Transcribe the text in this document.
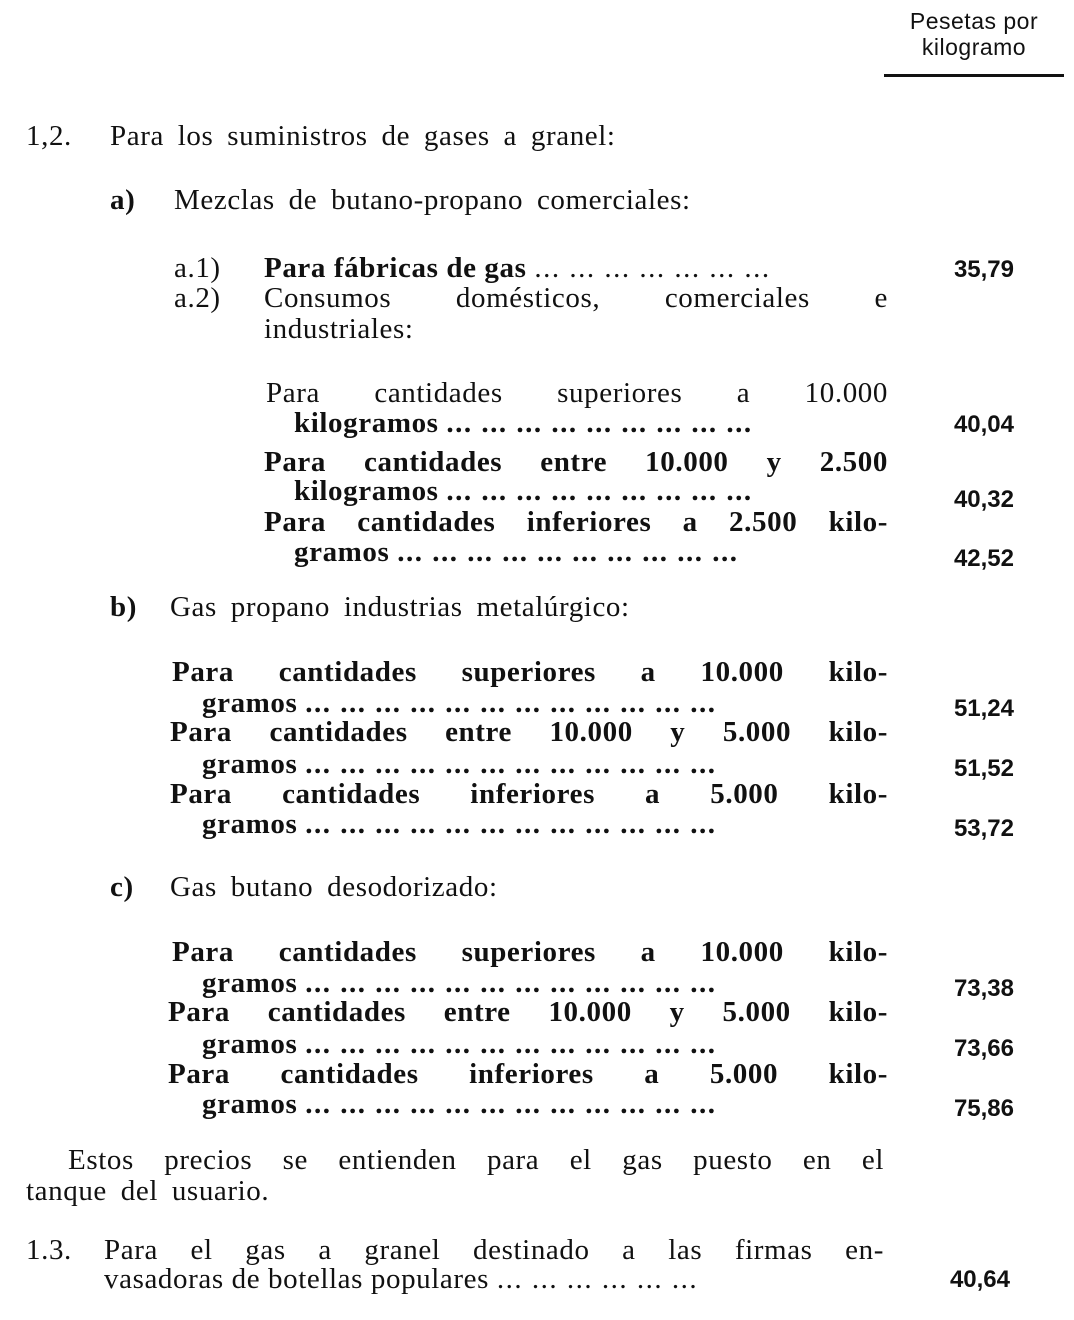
Pesetas por
kilogramo
1,2. Para los suministros de gases a granel:
a) Mezclas de butano-propano comerciales:
a.1) Para fábricas de gas ... ... ... ... ... ... ...	35,79
a.2) Consumos domésticos, comerciales e
industriales:
Para cantidades superiores a 10.000
kilogramos ... ... ... ... ... ... ... ... ...	40,04
Para cantidades entre 10.000 y 2.500
kilogramos ... ... ... ... ... ... ... ... ...	40,32
Para cantidades inferiores a 2.500 kilo-
gramos ... ... ... ... ... ... ... ... ... ...	42,52
b) Gas propano industrias metalúrgico:
Para cantidades superiores a 10.000 kilo-
gramos ... ... ... ... ... ... ... ... ... ... ... ...	51,24
Para cantidades entre 10.000 y 5.000 kilo-
gramos ... ... ... ... ... ... ... ... ... ... ... ...	51,52
Para cantidades inferiores a 5.000 kilo-
gramos ... ... ... ... ... ... ... ... ... ... ... ...	53,72
c) Gas butano desodorizado:
Para cantidades superiores a 10.000 kilo-
gramos ... ... ... ... ... ... ... ... ... ... ... ...	73,38
Para cantidades entre 10.000 y 5.000 kilo-
gramos ... ... ... ... ... ... ... ... ... ... ... ...	73,66
Para cantidades inferiores a 5.000 kilo-
gramos ... ... ... ... ... ... ... ... ... ... ... ...	75,86
Estos precios se entienden para el gas puesto en el
tanque del usuario.
1.3. Para el gas a granel destinado a las firmas en-
vasadoras de botellas populares ... ... ... ... ... ...	40,64
